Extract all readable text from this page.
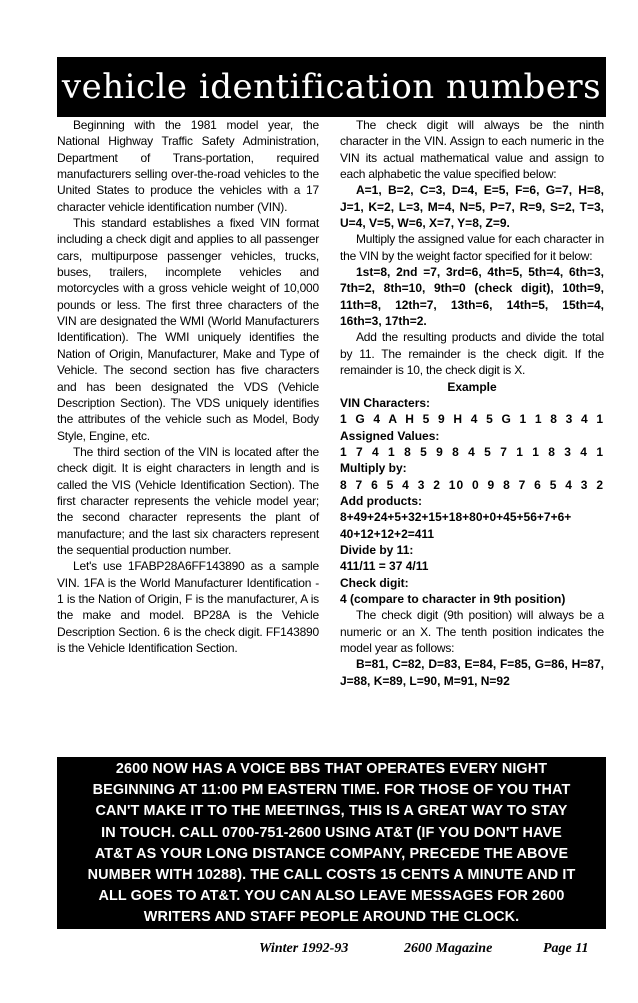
vehicle identification numbers

Beginning with the 1981 model year, the National Highway Traffic Safety Administration, Department of Trans-portation, required manufacturers selling over-the-road vehicles to the United States to produce the vehicles with a 17 character vehicle identification number (VIN).

This standard establishes a fixed VIN format including a check digit and applies to all passenger cars, multipurpose passenger vehicles, trucks, buses, trailers, incomplete vehicles and motorcycles with a gross vehicle weight of 10,000 pounds or less. The first three characters of the VIN are designated the WMI (World Manufacturers Identification). The WMI uniquely identifies the Nation of Origin, Manufacturer, Make and Type of Vehicle. The second section has five characters and has been designated the VDS (Vehicle Description Section). The VDS uniquely identifies the attributes of the vehicle such as Model, Body Style, Engine, etc.

The third section of the VIN is located after the check digit. It is eight characters in length and is called the VIS (Vehicle Identification Section). The first character represents the vehicle model year; the second character represents the plant of manufacture; and the last six characters represent the sequential production number.

Let's use 1FABP28A6FF143890 as a sample VIN. 1FA is the World Manufacturer Identification - 1 is the Nation of Origin, F is the manufacturer, A is the make and model. BP28A is the Vehicle Description Section. 6 is the check digit. FF143890 is the Vehicle Identification Section.

The check digit will always be the ninth character in the VIN. Assign to each numeric in the VIN its actual mathematical value and assign to each alphabetic the value specified below:

A=1, B=2, C=3, D=4, E=5, F=6, G=7, H=8, J=1, K=2, L=3, M=4, N=5, P=7, R=9, S=2, T=3, U=4, V=5, W=6, X=7, Y=8, Z=9.

Multiply the assigned value for each character in the VIN by the weight factor specified for it below:

1st=8, 2nd =7, 3rd=6, 4th=5, 5th=4, 6th=3, 7th=2, 8th=10, 9th=0 (check digit), 10th=9, 11th=8, 12th=7, 13th=6, 14th=5, 15th=4, 16th=3, 17th=2.

Add the resulting products and divide the total by 11. The remainder is the check digit. If the remainder is 10, the check digit is X.

Example

VIN Characters:

1 G 4 A H 5 9 H 4 5 G 1 1 8 3 4 1

Assigned Values:

1 7 4 1 8 5 9 8 4 5 7 1 1 8 3 4 1

Multiply by:

8 7 6 5 4 3 2 10 0 9 8 7 6 5 4 3 2

Add products:

8+49+24+5+32+15+18+80+0+45+56+7+6+

40+12+12+2=411

Divide by 11:

411/11 = 37 4/11

Check digit:

4 (compare to character in 9th position)

The check digit (9th position) will always be a numeric or an X. The tenth position indicates the model year as follows:

B=81, C=82, D=83, E=84, F=85, G=86, H=87, J=88, K=89, L=90, M=91, N=92

2600 NOW HAS A VOICE BBS THAT OPERATES EVERY NIGHT
BEGINNING AT 11:00 PM EASTERN TIME. FOR THOSE OF YOU THAT
CAN'T MAKE IT TO THE MEETINGS, THIS IS A GREAT WAY TO STAY
IN TOUCH. CALL 0700-751-2600 USING AT&T (IF YOU DON'T HAVE
AT&T AS YOUR LONG DISTANCE COMPANY, PRECEDE THE ABOVE
NUMBER WITH 10288). THE CALL COSTS 15 CENTS A MINUTE AND IT
ALL GOES TO AT&T. YOU CAN ALSO LEAVE MESSAGES FOR 2600
WRITERS AND STAFF PEOPLE AROUND THE CLOCK.
Winter 1992-93	2600 Magazine	Page 11
